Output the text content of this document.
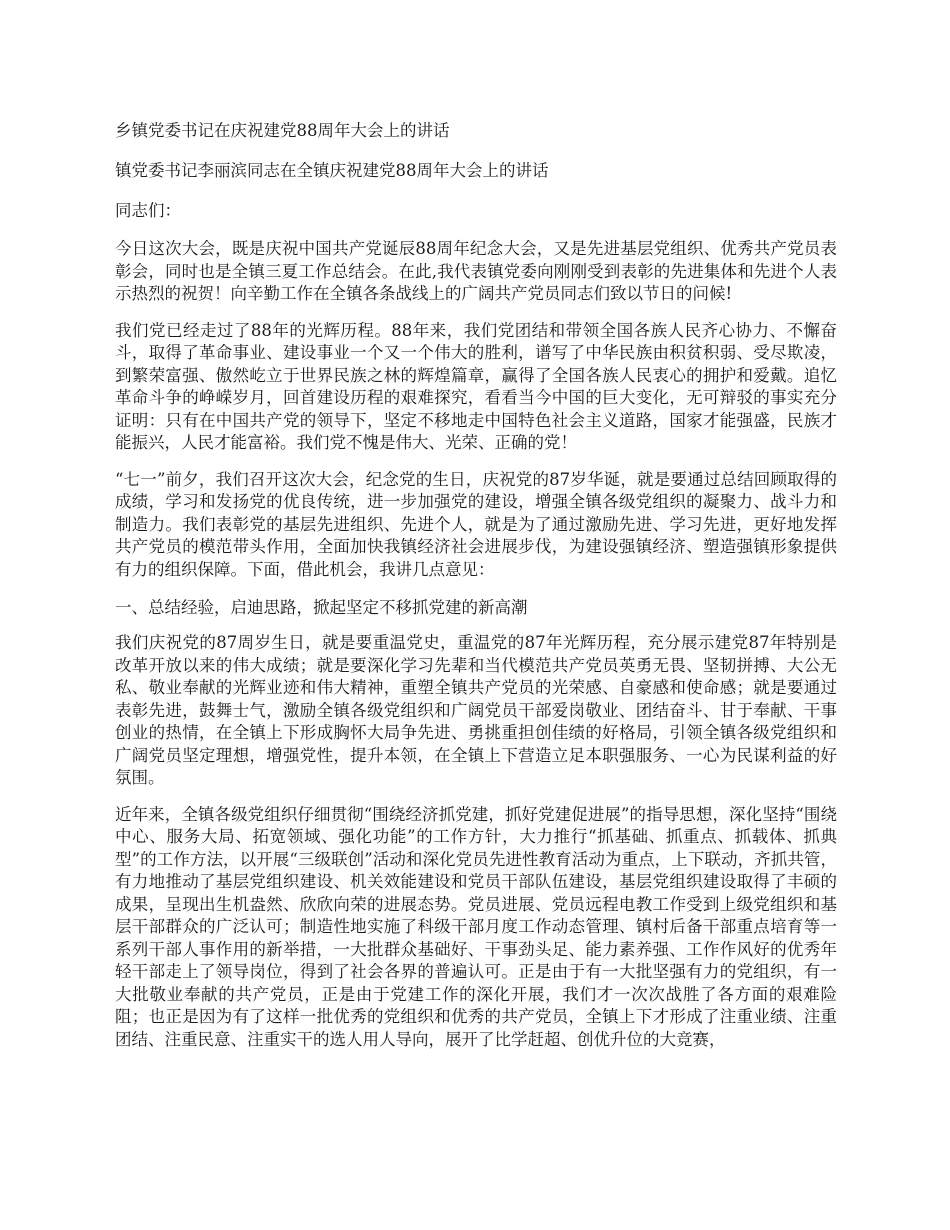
乡镇党委书记在庆祝建党88周年大会上的讲话

镇党委书记李丽滨同志在全镇庆祝建党88周年大会上的讲话

同志们：

今日这次大会，既是庆祝中国共产党诞辰88周年纪念大会，又是先进基层党组织、优秀共产党员表彰会，同时也是全镇三夏工作总结会。在此,我代表镇党委向刚刚受到表彰的先进集体和先进个人表示热烈的祝贺！向辛勤工作在全镇各条战线上的广阔共产党员同志们致以节日的问候!

我们党已经走过了88年的光辉历程。88年来，我们党团结和带领全国各族人民齐心协力、不懈奋斗，取得了革命事业、建设事业一个又一个伟大的胜利，谱写了中华民族由积贫积弱、受尽欺凌，到繁荣富强、傲然屹立于世界民族之林的辉煌篇章，赢得了全国各族人民衷心的拥护和爱戴。追忆革命斗争的峥嵘岁月，回首建设历程的艰难探究，看看当今中国的巨大变化，无可辩驳的事实充分证明：只有在中国共产党的领导下，坚定不移地走中国特色社会主义道路，国家才能强盛，民族才能振兴，人民才能富裕。我们党不愧是伟大、光荣、正确的党！

“七一”前夕，我们召开这次大会，纪念党的生日，庆祝党的87岁华诞，就是要通过总结回顾取得的成绩，学习和发扬党的优良传统，进一步加强党的建设，增强全镇各级党组织的凝聚力、战斗力和制造力。我们表彰党的基层先进组织、先进个人，就是为了通过激励先进、学习先进，更好地发挥共产党员的模范带头作用，全面加快我镇经济社会进展步伐，为建设强镇经济、塑造强镇形象提供有力的组织保障。下面，借此机会，我讲几点意见：

一、总结经验，启迪思路，掀起坚定不移抓党建的新高潮

我们庆祝党的87周岁生日，就是要重温党史，重温党的87年光辉历程，充分展示建党87年特别是改革开放以来的伟大成绩；就是要深化学习先辈和当代模范共产党员英勇无畏、坚韧拼搏、大公无私、敬业奉献的光辉业迹和伟大精神，重塑全镇共产党员的光荣感、自豪感和使命感；就是要通过表彰先进，鼓舞士气，激励全镇各级党组织和广阔党员干部爱岗敬业、团结奋斗、甘于奉献、干事创业的热情，在全镇上下形成胸怀大局争先进、勇挑重担创佳绩的好格局，引领全镇各级党组织和广阔党员坚定理想，增强党性，提升本领，在全镇上下营造立足本职强服务、一心为民谋利益的好氛围。

近年来，全镇各级党组织仔细贯彻“围绕经济抓党建，抓好党建促进展”的指导思想，深化坚持“围绕中心、服务大局、拓宽领域、强化功能”的工作方针，大力推行“抓基础、抓重点、抓载体、抓典型”的工作方法，以开展“三级联创”活动和深化党员先进性教育活动为重点，上下联动，齐抓共管，有力地推动了基层党组织建设、机关效能建设和党员干部队伍建设，基层党组织建设取得了丰硕的成果，呈现出生机盎然、欣欣向荣的进展态势。党员进展、党员远程电教工作受到上级党组织和基层干部群众的广泛认可；制造性地实施了科级干部月度工作动态管理、镇村后备干部重点培育等一系列干部人事作用的新举措，一大批群众基础好、干事劲头足、能力素养强、工作作风好的优秀年轻干部走上了领导岗位，得到了社会各界的普遍认可。正是由于有一大批坚强有力的党组织，有一大批敬业奉献的共产党员，正是由于党建工作的深化开展，我们才一次次战胜了各方面的艰难险阻；也正是因为有了这样一批优秀的党组织和优秀的共产党员，全镇上下才形成了注重业绩、注重团结、注重民意、注重实干的选人用人导向，展开了比学赶超、创优升位的大竞赛，
